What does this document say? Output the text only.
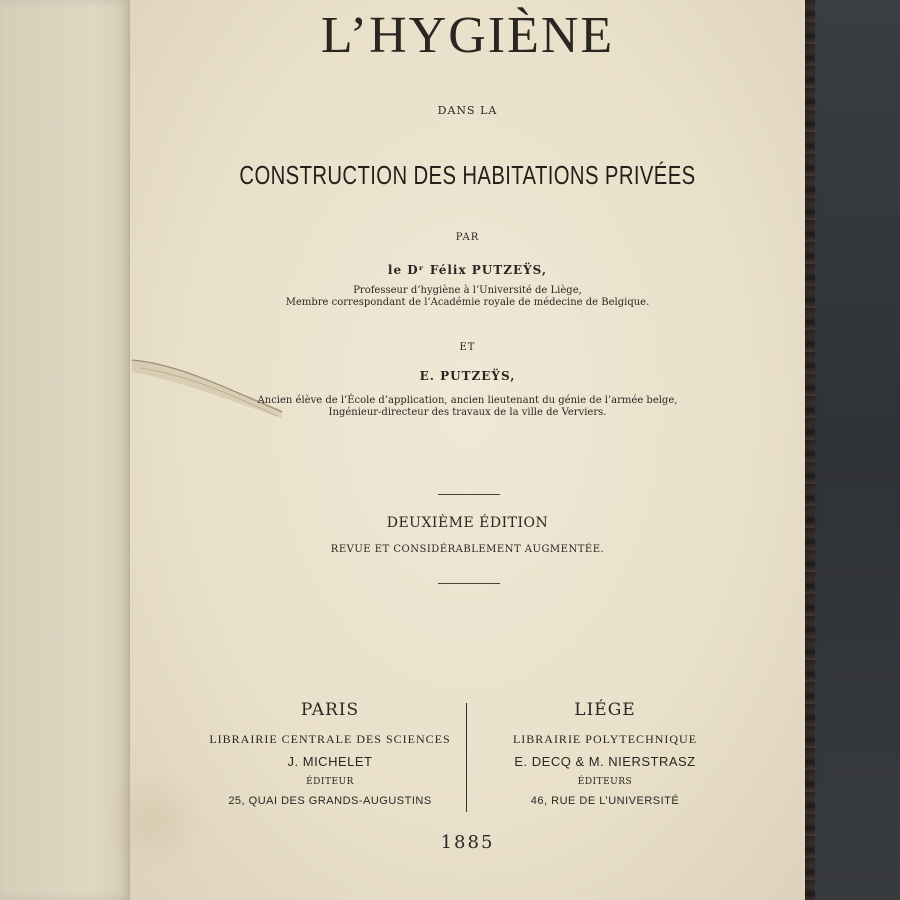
L’HYGIÈNE
DANS LA
CONSTRUCTION DES HABITATIONS PRIVÉES
PAR
le Dʳ Félix PUTZEŸS,
Professeur d’hygiène à l’Université de Liège,
Membre correspondant de l’Académie royale de médecine de Belgique.
ET
E. PUTZEŸS,
Ancien élève de l’École d’application, ancien lieutenant du génie de l’armée belge,
Ingénieur-directeur des travaux de la ville de Verviers.
DEUXIÈME ÉDITION
REVUE ET CONSIDÉRABLEMENT AUGMENTÉE.
PARIS
LIBRAIRIE CENTRALE DES SCIENCES
J. MICHELET
ÉDITEUR
25, QUAI DES GRANDS-AUGUSTINS
LIÉGE
LIBRAIRIE POLYTECHNIQUE
E. DECQ & M. NIERSTRASZ
ÉDITEURS
46, RUE DE L’UNIVERSITÉ
1885
